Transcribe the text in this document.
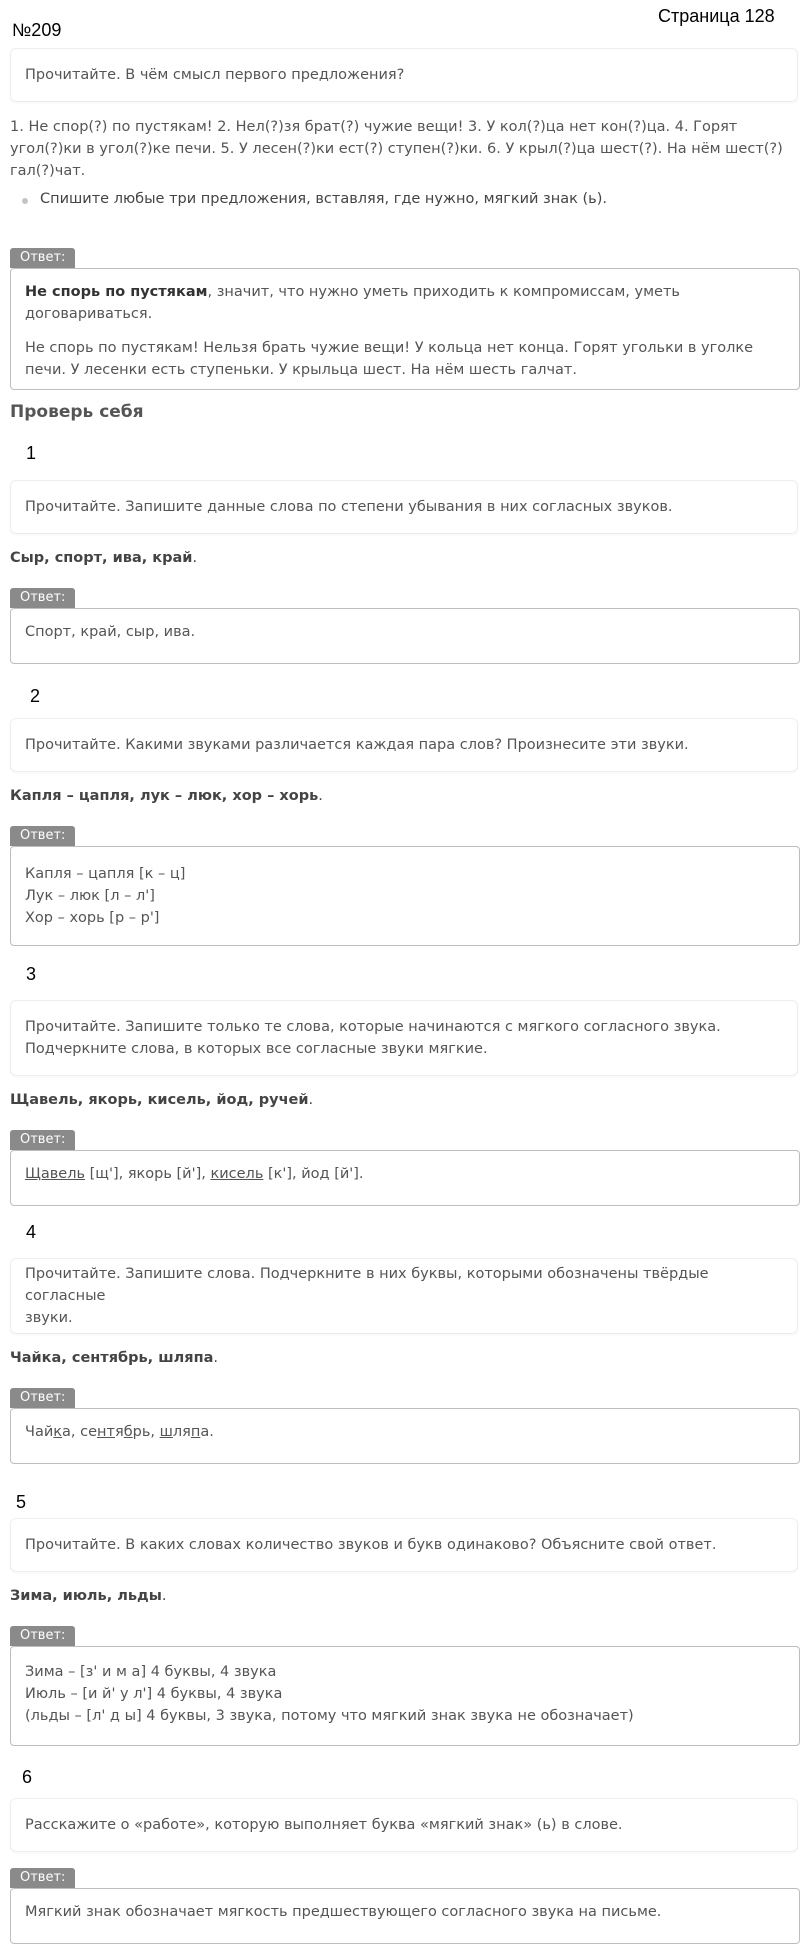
№209
Страница 128
Прочитайте. В чём смысл первого предложения?
1. Не спор(?) по пустякам! 2. Нел(?)зя брат(?) чужие вещи! 3. У кол(?)ца нет кон(?)ца. 4. Горят угол(?)ки в угол(?)ке печи. 5. У лесен(?)ки ест(?) ступен(?)ки. 6. У крыл(?)ца шест(?). На нём шест(?) гал(?)чат.
Спишите любые три предложения, вставляя, где нужно, мягкий знак (ь).
Ответ:
Не спорь по пустякам, значит, что нужно уметь приходить к компромиссам, уметь договариваться.
Не спорь по пустякам! Нельзя брать чужие вещи! У кольца нет конца. Горят угольки в уголке печи. У лесенки есть ступеньки. У крыльца шест. На нём шесть галчат.
Проверь себя
1
Прочитайте. Запишите данные слова по степени убывания в них согласных звуков.
Сыр, спорт, ива, край.
Ответ:
Спорт, край, сыр, ива.
2
Прочитайте. Какими звуками различается каждая пара слов? Произнесите эти звуки.
Капля – цапля, лук – люк, хор – хорь.
Ответ:
Капля – цапля [к – ц]
Лук – люк [л – л']
Хор – хорь [р – р']
3
Прочитайте. Запишите только те слова, которые начинаются с мягкого согласного звука.
Подчеркните слова, в которых все согласные звуки мягкие.
Щавель, якорь, кисель, йод, ручей.
Ответ:
Щавель [щ'], якорь [й'], кисель [к'], йод [й'].
4
Прочитайте. Запишите слова. Подчеркните в них буквы, которыми обозначены твёрдые согласные
звуки.
Чайка, сентябрь, шляпа.
Ответ:
Чайка, сентябрь, шляпа.
5
Прочитайте. В каких словах количество звуков и букв одинаково? Объясните свой ответ.
Зима, июль, льды.
Ответ:
Зима – [з' и м а] 4 буквы, 4 звука
Июль – [и й' у л'] 4 буквы, 4 звука
(льды – [л' д ы] 4 буквы, 3 звука, потому что мягкий знак звука не обозначает)
6
Расскажите о «работе», которую выполняет буква «мягкий знак» (ь) в слове.
Ответ:
Мягкий знак обозначает мягкость предшествующего согласного звука на письме.
